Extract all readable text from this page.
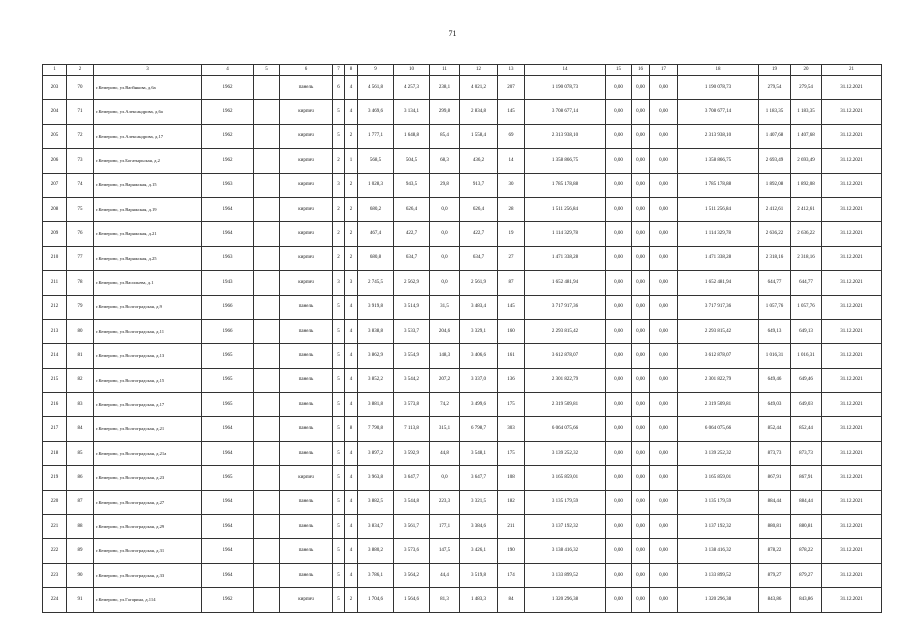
71
1	2	3	4	5	6	7	8	9	10	11	12	13	14	15	16	17	18	19	20	21
203	70	г.Кемерово, ул.Вагйнкова, д.6а	1962		панель	6	4	4 561,8	4 257,3	238,1	4 021,2	207	1 190 078,73	0,00	0,00	0,00	1 190 078,73	279,54	279,54	31.12.2021
204	71	г.Кемерово, ул.Александрова, д.6а	1962		кирпич	5	4	3 469,6	3 134,1	299,8	2 834,8	145	3 708 677,14	0,00	0,00	0,00	3 708 677,14	1 183,35	1 183,35	31.12.2021
205	72	г.Кемерово, ул.Александрова, д.17	1962		кирпич	5	2	1 777,1	1 648,8	85,4	1 558,4	69	2 313 938,10	0,00	0,00	0,00	2 313 938,10	1 407,68	1 407,68	31.12.2021
206	73	г.Кемерово, ул.Богатырьская, д.2	1962		кирпич	2	1	568,5	504,5	68,3	436,2	14	1 358 866,75	0,00	0,00	0,00	1 358 866,75	2 693,49	2 693,49	31.12.2021
207	74	г.Кемерово, ул.Варяжская, д.15	1963		кирпич	3	2	1 028,3	943,5	29,8	913,7	30	1 785 178,88	0,00	0,00	0,00	1 785 178,88	1 892,08	1 892,08	31.12.2021
208	75	г.Кемерово, ул.Варяжская, д.19	1964		кирпич	2	2	680,2	626,4	0,0	626,4	28	1 511 256,84	0,00	0,00	0,00	1 511 256,84	2 412,61	2 412,61	31.12.2021
209	76	г.Кемерово, ул.Варяжская, д.21	1964		кирпич	2	2	467,4	422,7	0,0	422,7	19	1 114 329,78	0,00	0,00	0,00	1 114 329,78	2 636,22	2 636,22	31.12.2021
210	77	г.Кемерово, ул.Варяжская, д.25	1963		кирпич	2	2	680,8	634,7	0,0	634,7	27	1 471 338,28	0,00	0,00	0,00	1 471 338,28	2 318,16	2 318,16	31.12.2021
211	78	г.Кемерово, ул.Васильева, д.1	1943		кирпич	3	3	2 745,5	2 562,9	0,0	2 561,9	87	1 652 481,94	0,00	0,00	0,00	1 652 481,94	644,77	644,77	31.12.2021
212	79	г.Кемерово, ул.Волгоградская, д.9	1966		панель	5	4	3 919,8	3 514,9	31,5	3 483,4	145	3 717 917,36	0,00	0,00	0,00	3 717 917,36	1 057,76	1 057,76	31.12.2021
213	80	г.Кемерово, ул.Волгоградская, д.11	1966		панель	5	4	3 838,8	3 533,7	204,6	3 329,1	160	2 293 815,42	0,00	0,00	0,00	2 293 815,42	649,13	649,13	31.12.2021
214	81	г.Кемерово, ул.Волгоградская, д.13	1965		панель	5	4	3 862,9	3 554,9	148,3	3 406,6	161	3 612 878,07	0,00	0,00	0,00	3 612 878,07	1 016,31	1 016,31	31.12.2021
215	82	г.Кемерово, ул.Волгоградская, д.15	1965		панель	5	4	3 852,2	3 544,2	207,2	3 337,0	136	2 301 822,79	0,00	0,00	0,00	2 301 822,79	649,46	649,46	31.12.2021
216	83	г.Кемерово, ул.Волгоградская, д.17	1965		панель	5	4	3 881,8	3 573,8	74,2	3 499,6	175	2 319 509,81	0,00	0,00	0,00	2 319 509,81	649,03	649,03	31.12.2021
217	84	г.Кемерово, ул.Волгоградская, д.21	1964		панель	5	8	7 790,8	7 113,8	315,1	6 798,7	303	6 064 075,66	0,00	0,00	0,00	6 064 075,66	852,44	852,44	31.12.2021
218	85	г.Кемерово, ул.Волгоградская, д.21а	1964		панель	5	4	3 897,2	3 592,9	44,8	3 548,1	175	3 139 252,32	0,00	0,00	0,00	3 139 252,32	873,73	873,73	31.12.2021
219	86	г.Кемерово, ул.Волгоградская, д.23	1965		кирпич	5	4	3 963,8	3 647,7	0,0	3 647,7	108	3 165 859,01	0,00	0,00	0,00	3 165 859,01	867,91	867,91	31.12.2021
220	87	г.Кемерово, ул.Волгоградская, д.27	1964		панель	5	4	3 882,5	3 544,8	223,3	3 321,5	182	3 135 179,59	0,00	0,00	0,00	3 135 179,59	884,44	884,44	31.12.2021
221	88	г.Кемерово, ул.Волгоградская, д.29	1964		панель	5	4	3 834,7	3 561,7	177,1	3 384,6	211	3 137 192,32	0,00	0,00	0,00	3 137 192,32	880,81	880,81	31.12.2021
222	89	г.Кемерово, ул.Волгоградская, д.31	1964		панель	5	4	3 880,2	3 573,6	147,5	3 426,1	190	3 138 416,32	0,00	0,00	0,00	3 138 416,32	878,22	878,22	31.12.2021
223	90	г.Кемерово, ул.Волгоградская, д.33	1964		панель	5	4	3 786,1	3 564,2	44,4	3 519,8	174	3 133 899,52	0,00	0,00	0,00	3 133 899,52	879,27	879,27	31.12.2021
224	91	г.Кемерово, ул.Гагарина, д.114	1962		кирпич	5	2	1 704,6	1 564,6	81,3	1 483,3	84	1 320 296,38	0,00	0,00	0,00	1 320 296,38	843,86	843,86	31.12.2021
